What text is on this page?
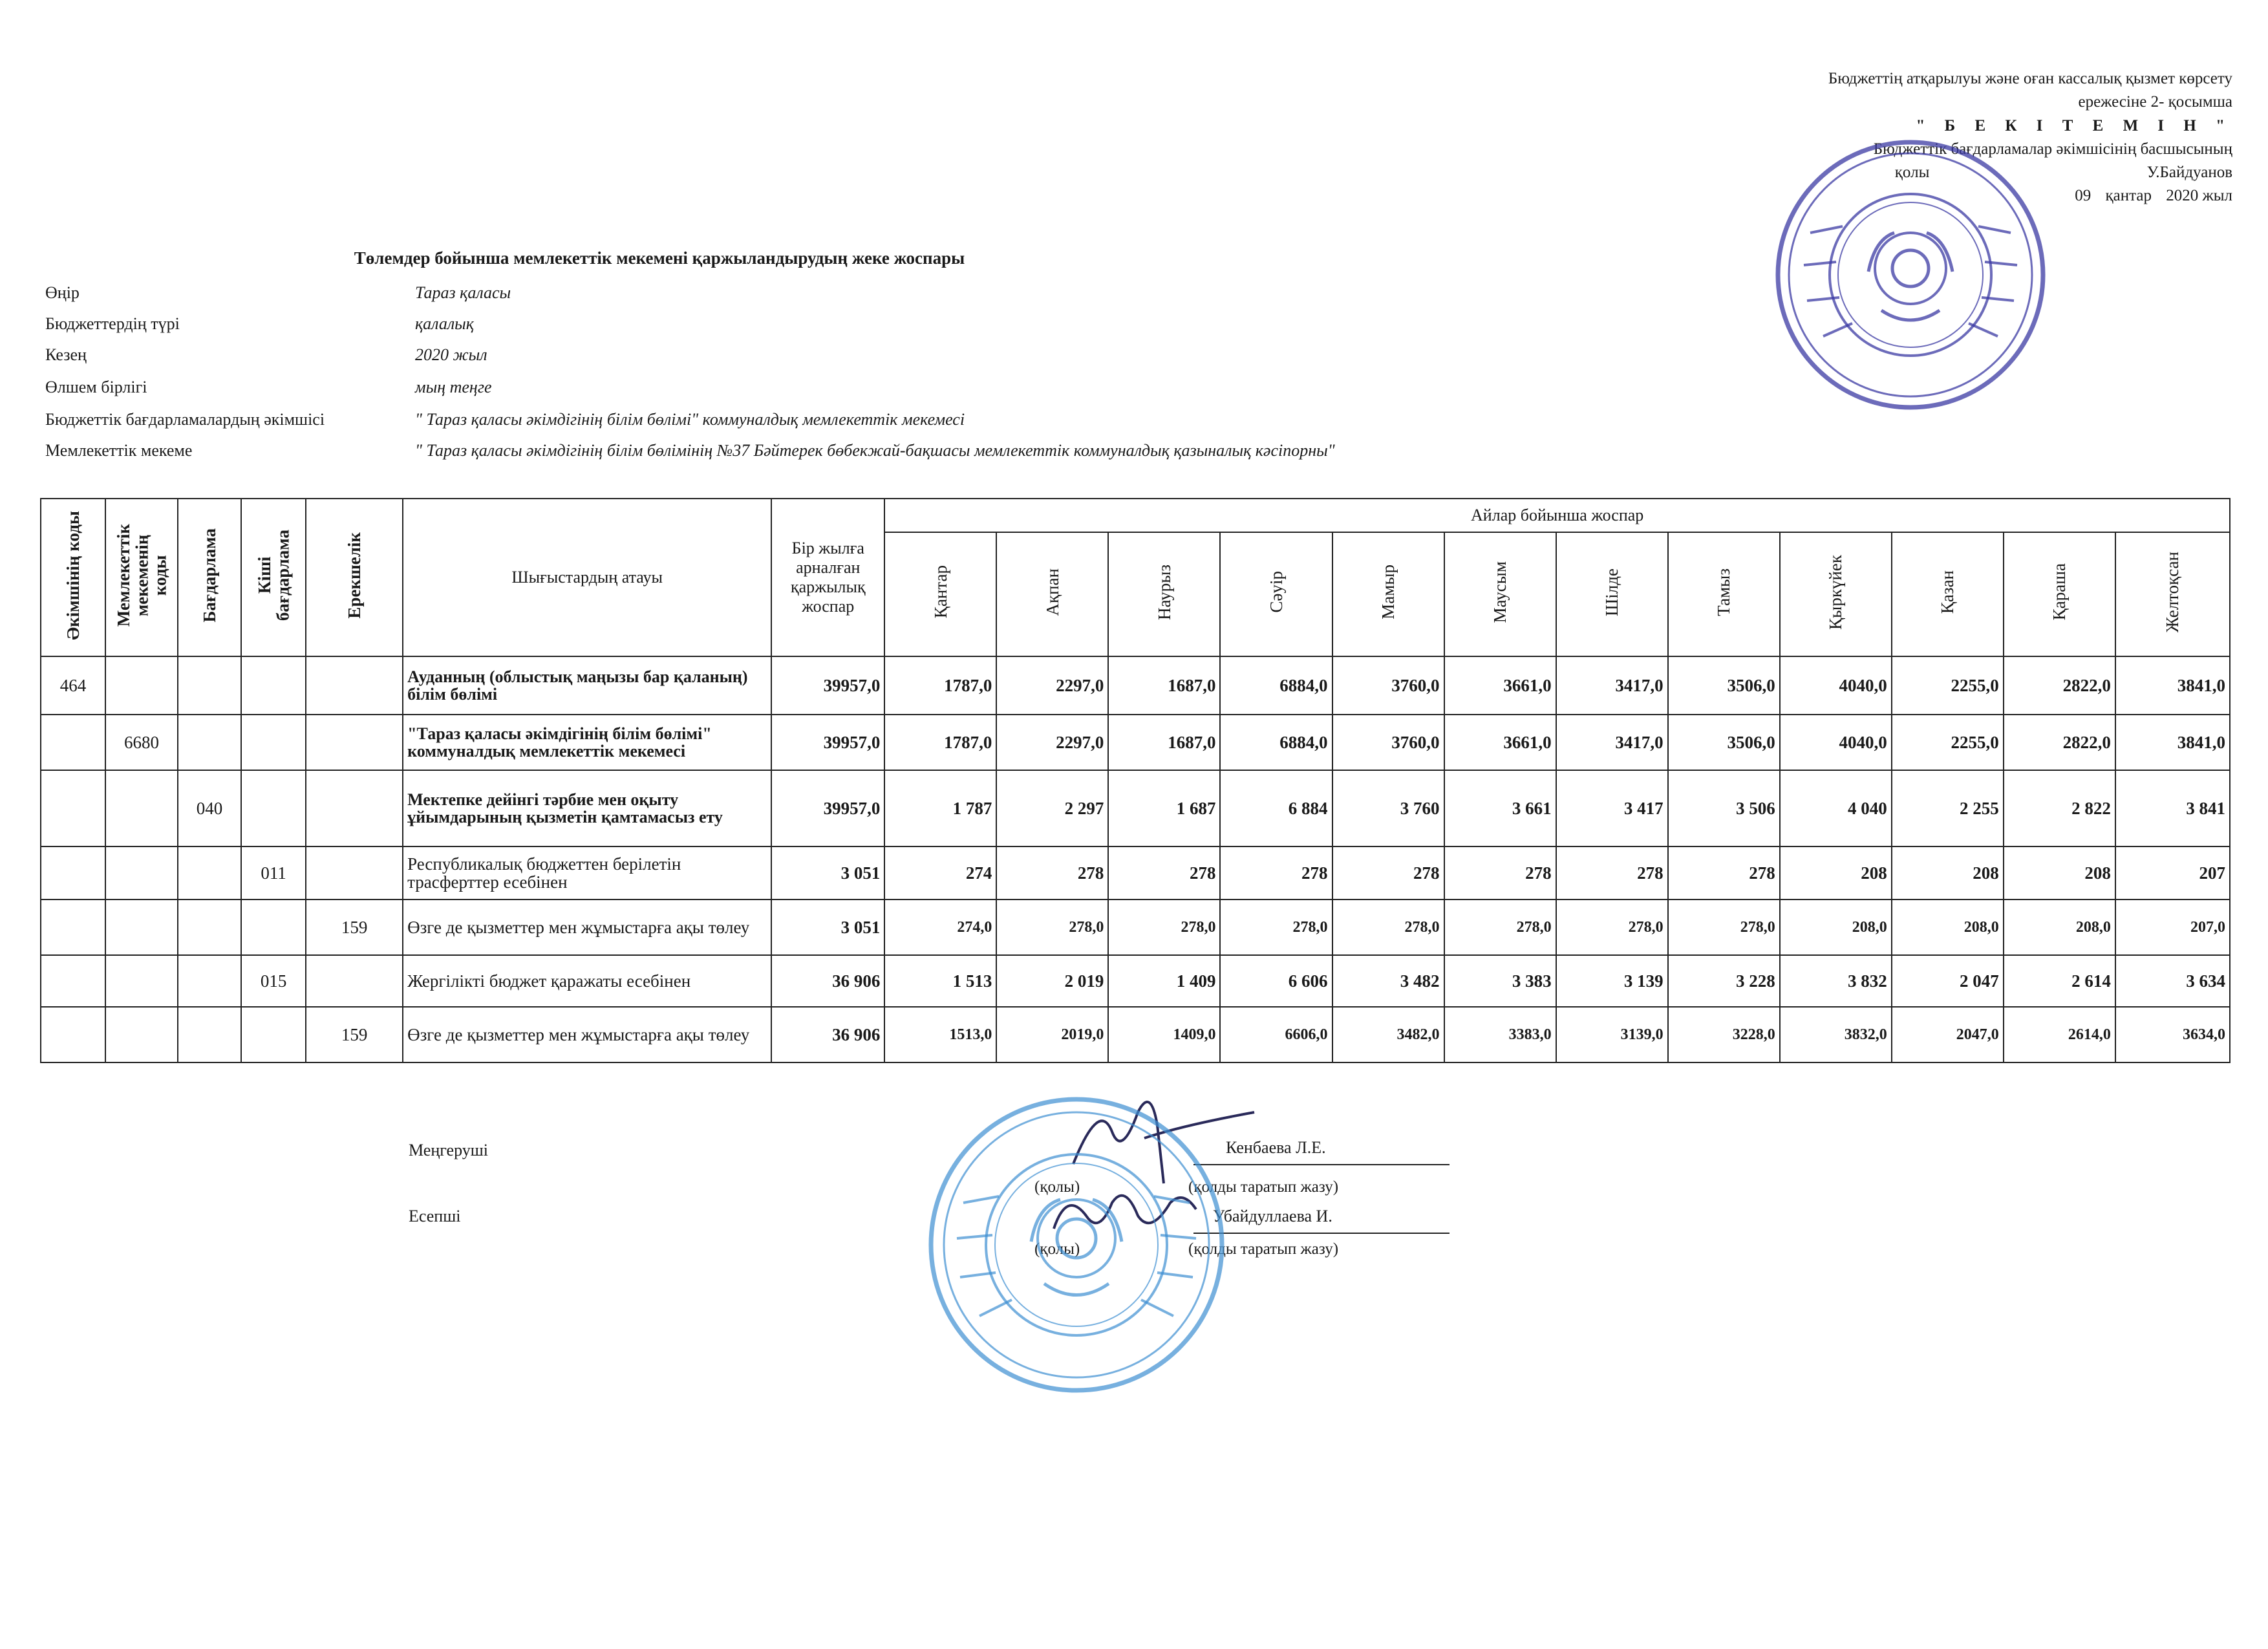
Бюджеттің атқарылуы және оған кассалық қызмет көрсету
ережесіне 2- қосымша
" Б Е К І Т Е М І Н "
Бюджеттік бағдарламалар әкімшісінің басшысының
қолы	У.Байдуанов
09 қантар 2020 жыл
Төлемдер бойынша мемлекеттік мекемені қаржыландырудың жеке жоспары
Өңір	Тараз қаласы
Бюджеттердің түрі	қалалық
Кезең	2020 жыл
Өлшем бірлігі	мың теңге
Бюджеттік бағдарламалардың әкімшісі	" Тараз қаласы әкімдігінің білім бөлімі" коммуналдық мемлекеттік мекемесі
Мемлекеттік мекеме	" Тараз қаласы әкімдігінің білім бөлімінің №37 Бәйтерек бөбекжай-бақшасы мемлекеттік коммуналдық қазыналық кәсіпорны"
Әкімшінің коды	Мемлекеттік
мекеменің
коды	Бағдарлама	Кіші
бағдарлама	Ерекшелік	Шығыстардың атауы	Бір жылға арналған қаржылық жоспар	Айлар бойынша жоспар											
							Қантар	Ақпан	Наурыз	Сәуір	Мамыр	Маусым	Шілде	Тамыз	Қыркүйек	Қазан	Қараша	Желтоқсан
464					Ауданның (облыстық маңызы бар қаланың) білім бөлімі	39957,0	1787,0	2297,0	1687,0	6884,0	3760,0	3661,0	3417,0	3506,0	4040,0	2255,0	2822,0	3841,0
	6680				"Тараз қаласы әкімдігінің білім бөлімі" коммуналдық мемлекеттік мекемесі	39957,0	1787,0	2297,0	1687,0	6884,0	3760,0	3661,0	3417,0	3506,0	4040,0	2255,0	2822,0	3841,0
		040			Мектепке дейінгі тәрбие мен оқыту ұйымдарының қызметін қамтамасыз ету	39957,0	1 787	2 297	1 687	6 884	3 760	3 661	3 417	3 506	4 040	2 255	2 822	3 841
			011		Республикалық бюджеттен берілетін трасферттер есебінен	3 051	274	278	278	278	278	278	278	278	208	208	208	207
				159	Өзге де қызметтер мен жұмыстарға ақы төлеу	3 051	274,0	278,0	278,0	278,0	278,0	278,0	278,0	278,0	208,0	208,0	208,0	207,0
			015		Жергілікті бюджет қаражаты есебінен	36 906	1 513	2 019	1 409	6 606	3 482	3 383	3 139	3 228	3 832	2 047	2 614	3 634
				159	Өзге де қызметтер мен жұмыстарға ақы төлеу	36 906	1513,0	2019,0	1409,0	6606,0	3482,0	3383,0	3139,0	3228,0	3832,0	2047,0	2614,0	3634,0
Меңгеруші	Кенбаева Л.Е.
(қолы)	(қолды таратып жазу)
Есепші	Убайдуллаева И.
(қолы)	(қолды таратып жазу)
